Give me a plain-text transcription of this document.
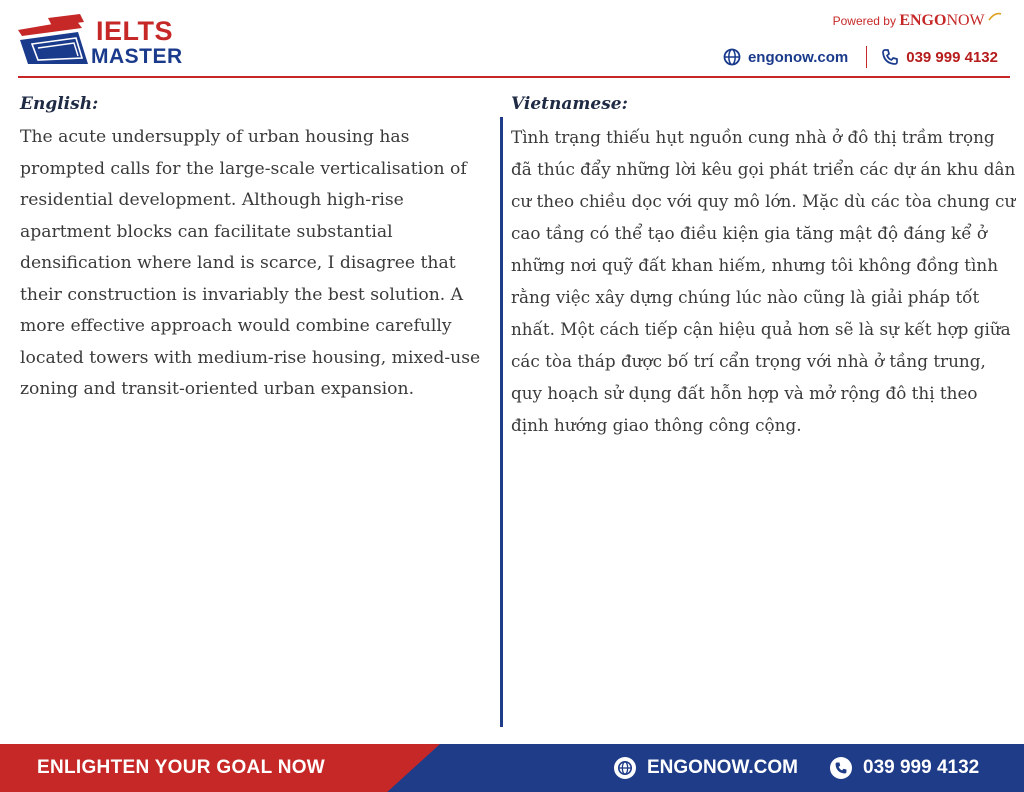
IELTS
MASTER
Powered by ENGONOW
engonow.com	039 999 4132
English:
The acute undersupply of urban housing has prompted calls for the large-scale verticalisation of residential development. Although high-rise apartment blocks can facilitate substantial densification where land is scarce, I disagree that their construction is invariably the best solution. A more effective approach would combine carefully located towers with medium-rise housing, mixed-use zoning and transit-oriented urban expansion.
Vietnamese:
Tình trạng thiếu hụt nguồn cung nhà ở đô thị trầm trọng đã thúc đẩy những lời kêu gọi phát triển các dự án khu dân cư theo chiều dọc với quy mô lớn. Mặc dù các tòa chung cư cao tầng có thể tạo điều kiện gia tăng mật độ đáng kể ở những nơi quỹ đất khan hiếm, nhưng tôi không đồng tình rằng việc xây dựng chúng lúc nào cũng là giải pháp tốt nhất. Một cách tiếp cận hiệu quả hơn sẽ là sự kết hợp giữa các tòa tháp được bố trí cẩn trọng với nhà ở tầng trung, quy hoạch sử dụng đất hỗn hợp và mở rộng đô thị theo định hướng giao thông công cộng.
ENLIGHTEN YOUR GOAL NOW	ENGONOW.COM	039 999 4132
